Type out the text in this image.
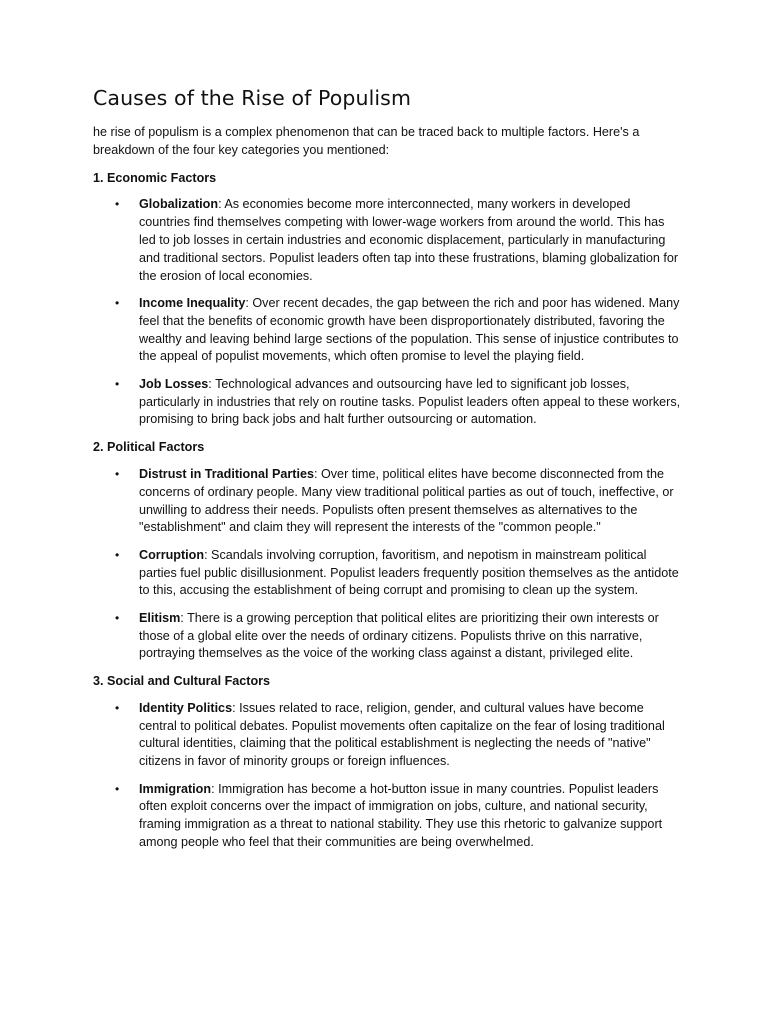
Causes of the Rise of Populism

he rise of populism is a complex phenomenon that can be traced back to multiple factors. Here's a breakdown of the four key categories you mentioned:

1. Economic Factors
• Globalization: As economies become more interconnected, many workers in developed countries find themselves competing with lower-wage workers from around the world. This has led to job losses in certain industries and economic displacement, particularly in manufacturing and traditional sectors. Populist leaders often tap into these frustrations, blaming globalization for the erosion of local economies.
• Income Inequality: Over recent decades, the gap between the rich and poor has widened. Many feel that the benefits of economic growth have been disproportionately distributed, favoring the wealthy and leaving behind large sections of the population. This sense of injustice contributes to the appeal of populist movements, which often promise to level the playing field.
• Job Losses: Technological advances and outsourcing have led to significant job losses, particularly in industries that rely on routine tasks. Populist leaders often appeal to these workers, promising to bring back jobs and halt further outsourcing or automation.
2. Political Factors
• Distrust in Traditional Parties: Over time, political elites have become disconnected from the concerns of ordinary people. Many view traditional political parties as out of touch, ineffective, or unwilling to address their needs. Populists often present themselves as alternatives to the "establishment" and claim they will represent the interests of the "common people."
• Corruption: Scandals involving corruption, favoritism, and nepotism in mainstream political parties fuel public disillusionment. Populist leaders frequently position themselves as the antidote to this, accusing the establishment of being corrupt and promising to clean up the system.
• Elitism: There is a growing perception that political elites are prioritizing their own interests or those of a global elite over the needs of ordinary citizens. Populists thrive on this narrative, portraying themselves as the voice of the working class against a distant, privileged elite.
3. Social and Cultural Factors
• Identity Politics: Issues related to race, religion, gender, and cultural values have become central to political debates. Populist movements often capitalize on the fear of losing traditional cultural identities, claiming that the political establishment is neglecting the needs of "native" citizens in favor of minority groups or foreign influences.
• Immigration: Immigration has become a hot-button issue in many countries. Populist leaders often exploit concerns over the impact of immigration on jobs, culture, and national security, framing immigration as a threat to national stability. They use this rhetoric to galvanize support among people who feel that their communities are being overwhelmed.
